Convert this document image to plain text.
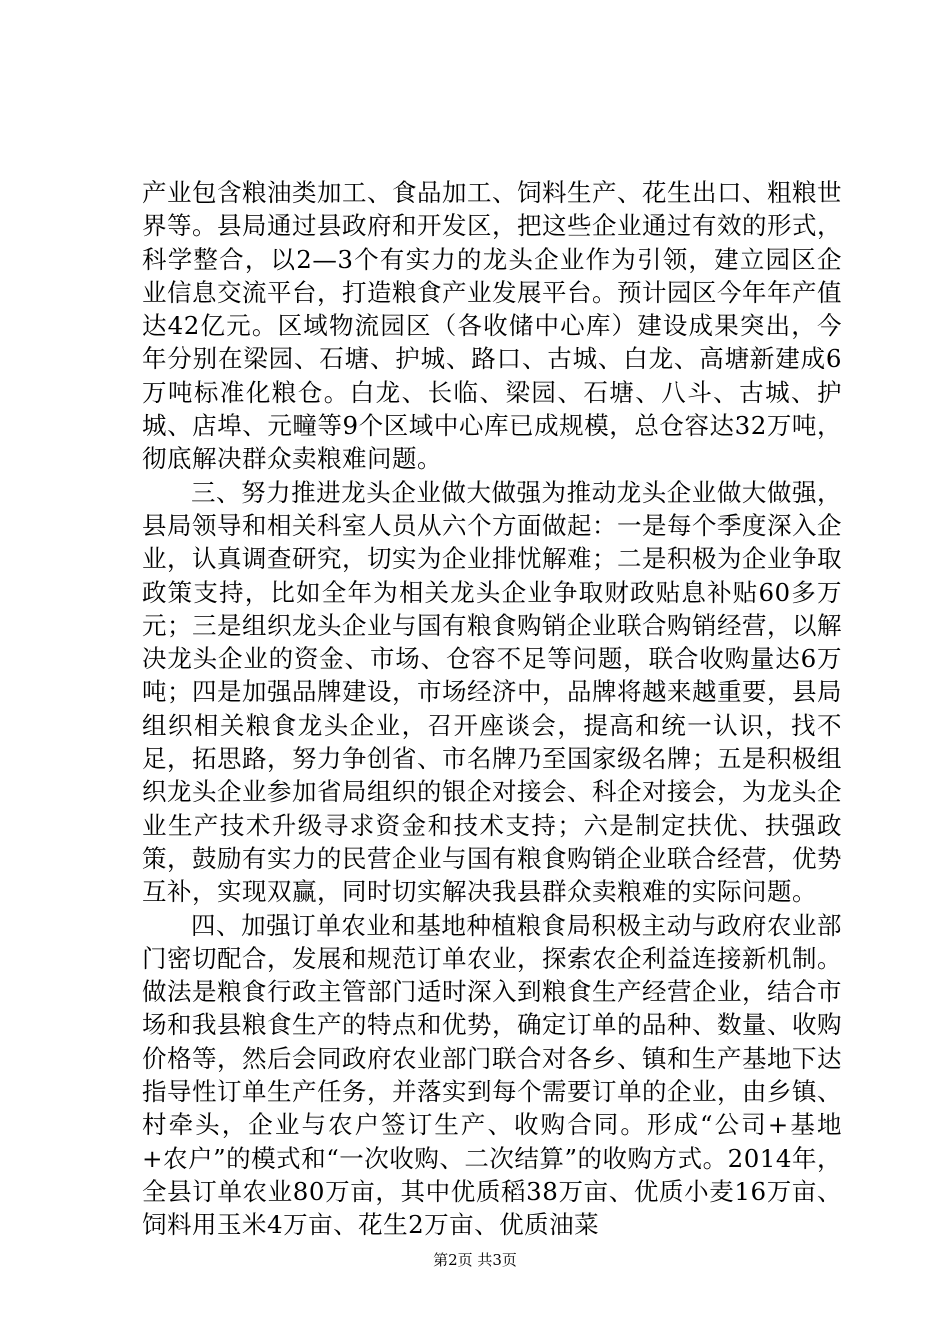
产业包含粮油类加工、食品加工、饲料生产、花生出口、粗粮世界等。县局通过县政府和开发区，把这些企业通过有效的形式，科学整合，以2—3个有实力的龙头企业作为引领，建立园区企业信息交流平台，打造粮食产业发展平台。预计园区今年年产值达42亿元。区域物流园区（各收储中心库）建设成果突出，今年分别在梁园、石塘、护城、路口、古城、白龙、高塘新建成6万吨标准化粮仓。白龙、长临、梁园、石塘、八斗、古城、护城、店埠、元疃等9个区域中心库已成规模，总仓容达32万吨，彻底解决群众卖粮难问题。

三、努力推进龙头企业做大做强为推动龙头企业做大做强，县局领导和相关科室人员从六个方面做起：一是每个季度深入企业，认真调查研究，切实为企业排忧解难；二是积极为企业争取政策支持，比如全年为相关龙头企业争取财政贴息补贴60多万元；三是组织龙头企业与国有粮食购销企业联合购销经营，以解决龙头企业的资金、市场、仓容不足等问题，联合收购量达6万吨；四是加强品牌建设，市场经济中，品牌将越来越重要，县局组织相关粮食龙头企业，召开座谈会，提高和统一认识，找不足，拓思路，努力争创省、市名牌乃至国家级名牌；五是积极组织龙头企业参加省局组织的银企对接会、科企对接会，为龙头企业生产技术升级寻求资金和技术支持；六是制定扶优、扶强政策，鼓励有实力的民营企业与国有粮食购销企业联合经营，优势互补，实现双赢，同时切实解决我县群众卖粮难的实际问题。

四、加强订单农业和基地种植粮食局积极主动与政府农业部门密切配合，发展和规范订单农业，探索农企利益连接新机制。做法是粮食行政主管部门适时深入到粮食生产经营企业，结合市场和我县粮食生产的特点和优势，确定订单的品种、数量、收购价格等，然后会同政府农业部门联合对各乡、镇和生产基地下达指导性订单生产任务，并落实到每个需要订单的企业，由乡镇、村牵头，企业与农户签订生产、收购合同。形成“公司+基地+农户”的模式和“一次收购、二次结算”的收购方式。2014年，全县订单农业80万亩，其中优质稻38万亩、优质小麦16万亩、饲料用玉米4万亩、花生2万亩、优质油菜

第2页 共3页
